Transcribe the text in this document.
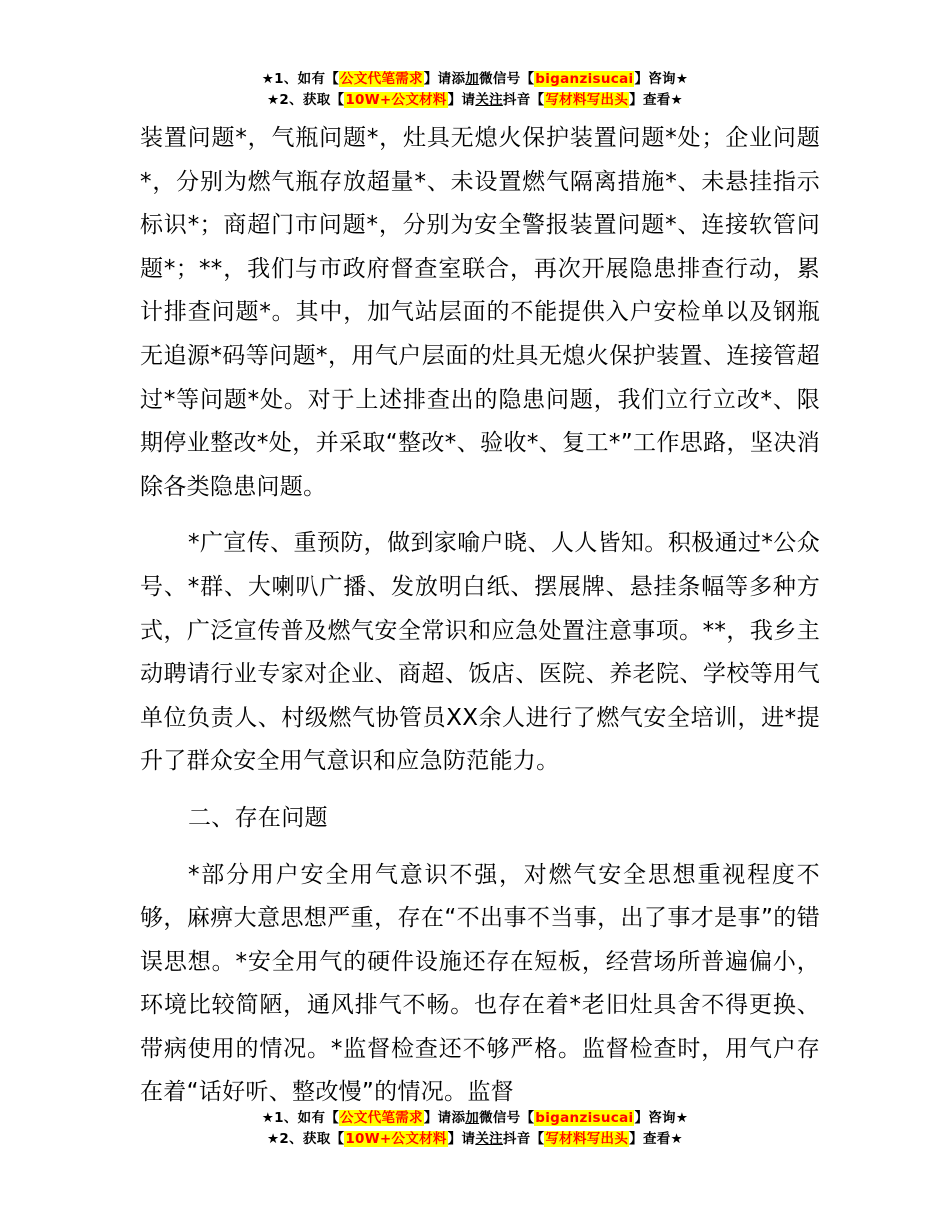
★1、如有【公文代笔需求】请添加微信号【biganzisucai】咨询★
★2、获取【10W+公文材料】请关注抖音【写材料写出头】查看★

装置问题*，气瓶问题*，灶具无熄火保护装置问题*处；企业问题*，分别为燃气瓶存放超量*、未设置燃气隔离措施*、未悬挂指示标识*；商超门市问题*，分别为安全警报装置问题*、连接软管问题*；**，我们与市政府督查室联合，再次开展隐患排查行动，累计排查问题*。其中，加气站层面的不能提供入户安检单以及钢瓶无追源*码等问题*，用气户层面的灶具无熄火保护装置、连接管超过*等问题*处。对于上述排查出的隐患问题，我们立行立改*、限期停业整改*处，并采取“整改*、验收*、复工*”工作思路，坚决消除各类隐患问题。

*广宣传、重预防，做到家喻户晓、人人皆知。积极通过*公众号、*群、大喇叭广播、发放明白纸、摆展牌、悬挂条幅等多种方式，广泛宣传普及燃气安全常识和应急处置注意事项。**，我乡主动聘请行业专家对企业、商超、饭店、医院、养老院、学校等用气单位负责人、村级燃气协管员XX余人进行了燃气安全培训，进*提升了群众安全用气意识和应急防范能力。

二、存在问题

*部分用户安全用气意识不强，对燃气安全思想重视程度不够，麻痹大意思想严重，存在“不出事不当事，出了事才是事”的错误思想。*安全用气的硬件设施还存在短板，经营场所普遍偏小，环境比较简陋，通风排气不畅。也存在着*老旧灶具舍不得更换、带病使用的情况。*监督检查还不够严格。监督检查时，用气户存在着“话好听、整改慢”的情况。监督

★1、如有【公文代笔需求】请添加微信号【biganzisucai】咨询★
★2、获取【10W+公文材料】请关注抖音【写材料写出头】查看★
